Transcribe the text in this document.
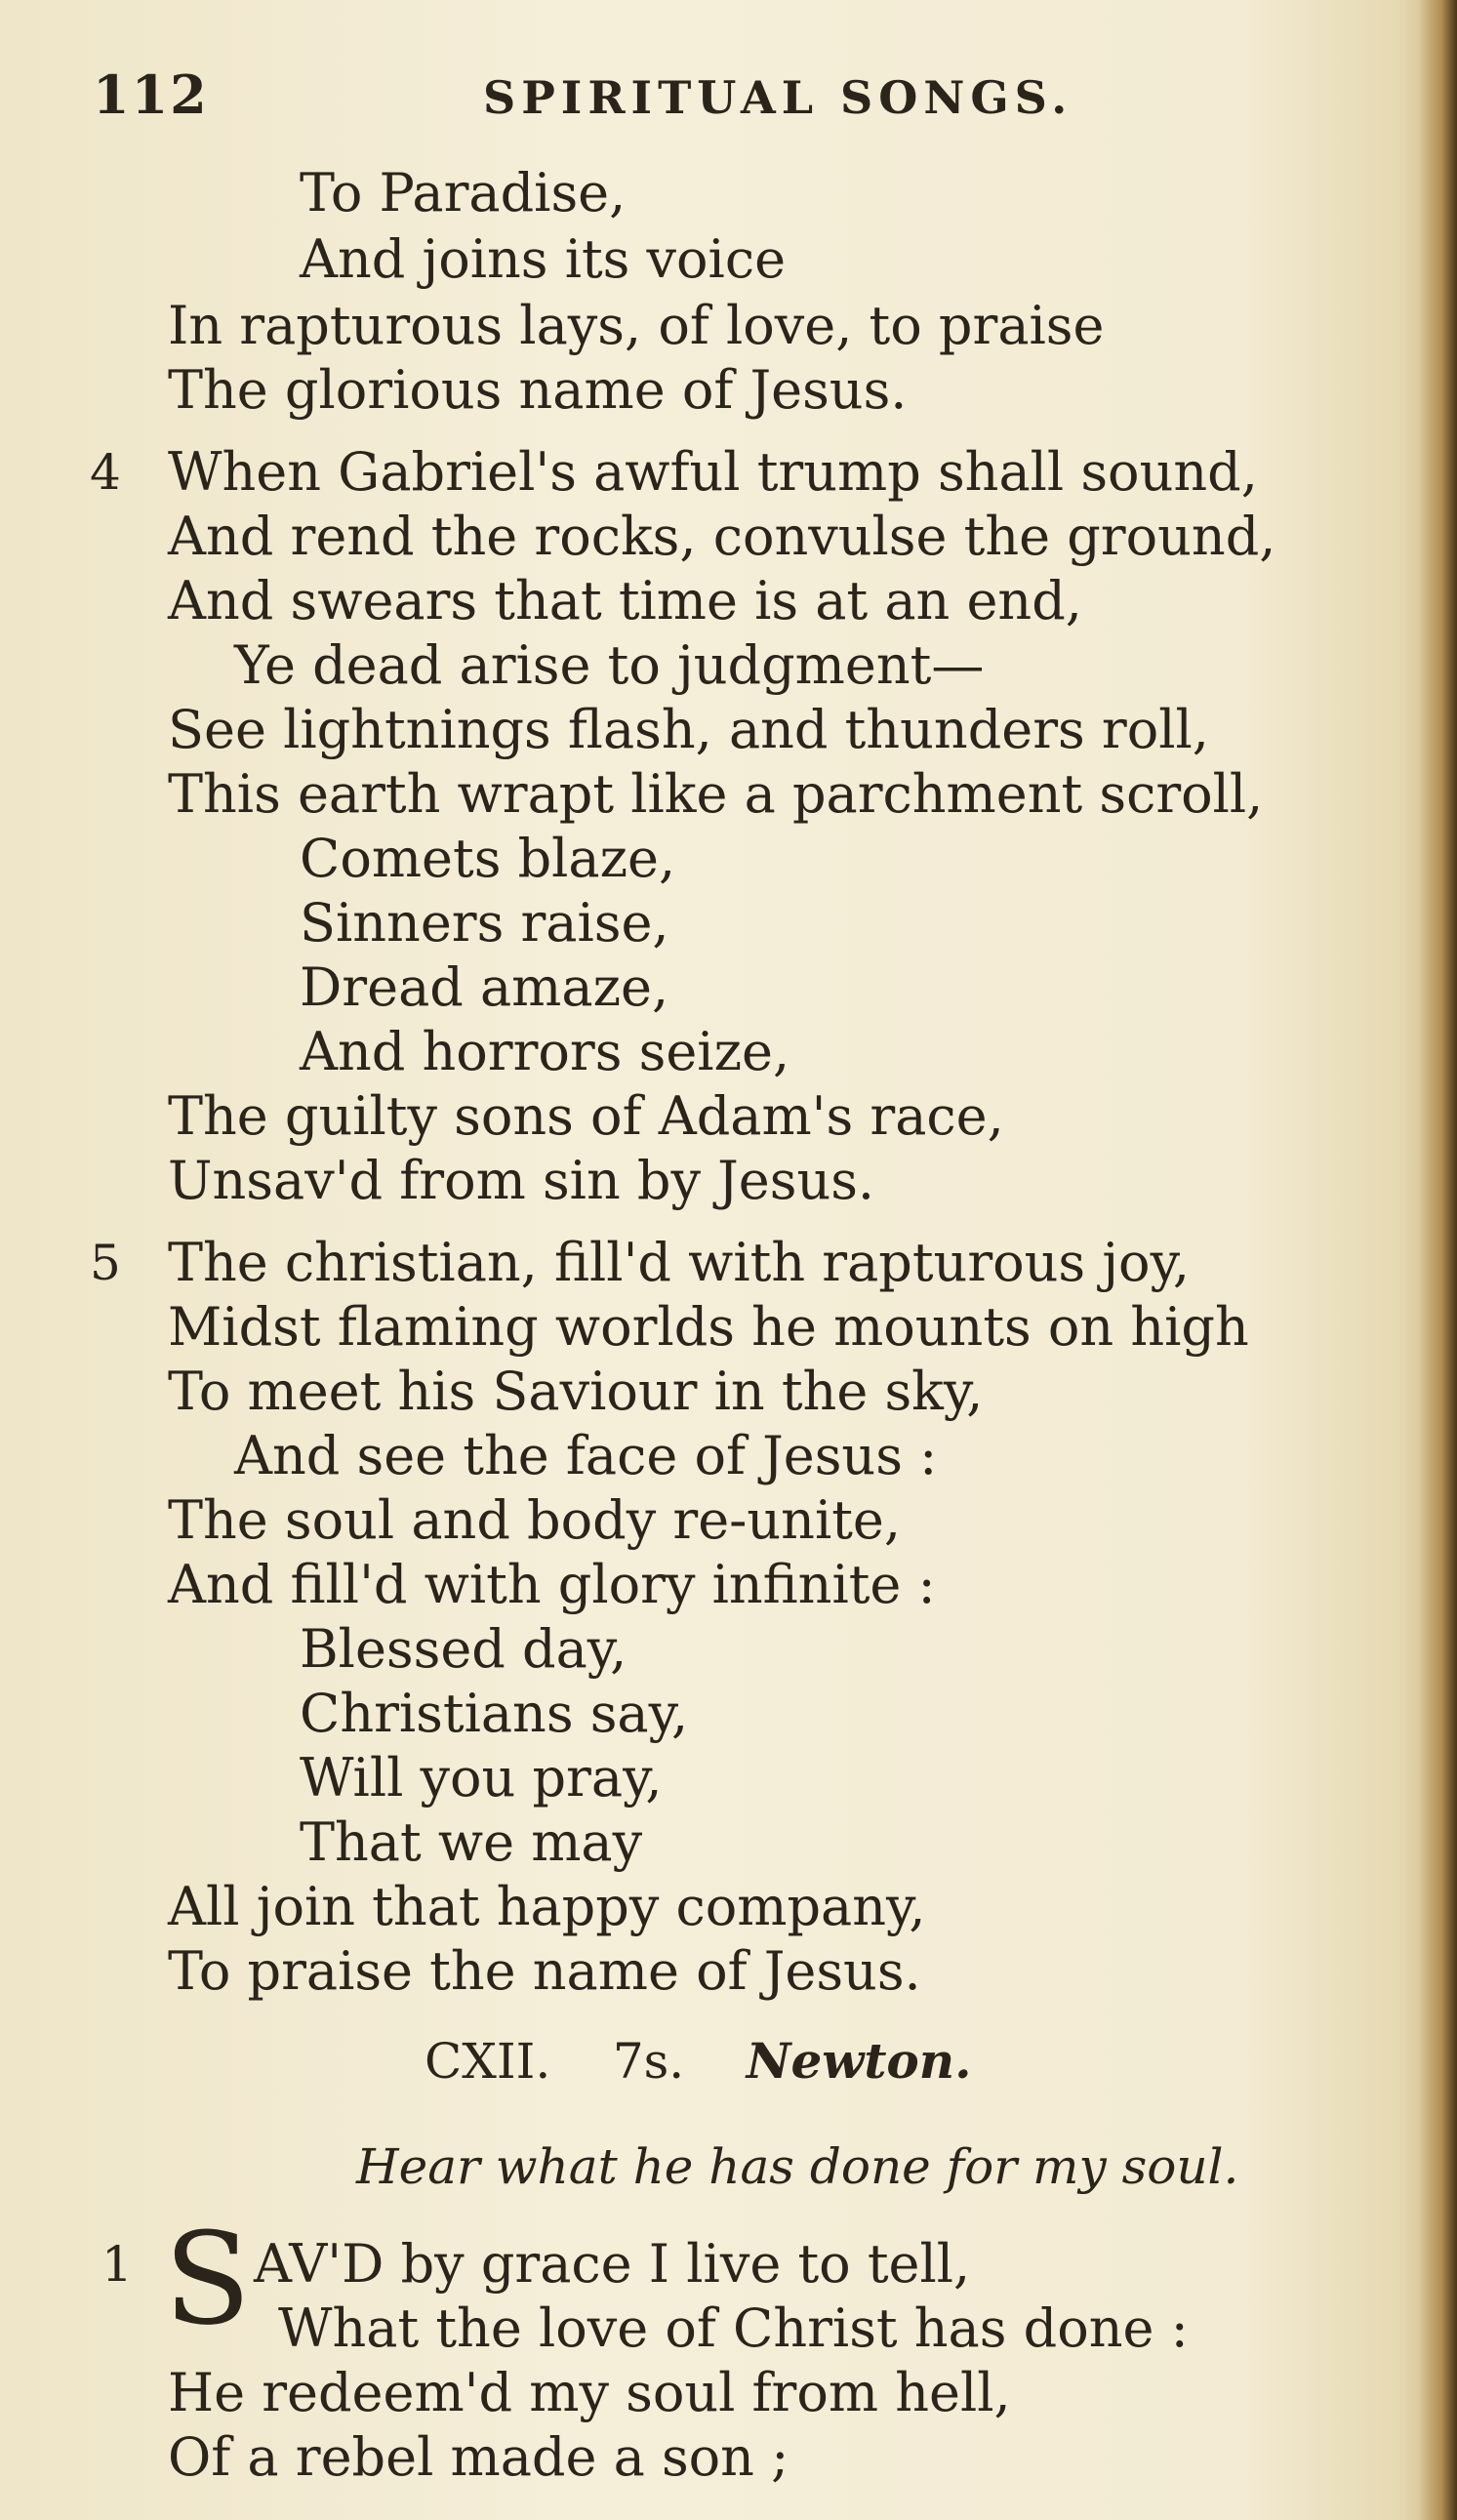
112	SPIRITUAL SONGS.
To Paradise,
And joins its voice
In rapturous lays, of love, to praise
The glorious name of Jesus.
4 When Gabriel's awful trump shall sound,
And rend the rocks, convulse the ground,
And swears that time is at an end,
Ye dead arise to judgment—
See lightnings flash, and thunders roll,
This earth wrapt like a parchment scroll,
Comets blaze,
Sinners raise,
Dread amaze,
And horrors seize,
The guilty sons of Adam's race,
Unsav'd from sin by Jesus.
5 The christian, fill'd with rapturous joy,
Midst flaming worlds he mounts on high
To meet his Saviour in the sky,
And see the face of Jesus :
The soul and body re-unite,
And fill'd with glory infinite :
Blessed day,
Christians say,
Will you pray,
That we may
All join that happy company,
To praise the name of Jesus.
CXII. 7s. Newton.
Hear what he has done for my soul.
1 S AV'D by grace I live to tell,
What the love of Christ has done :
He redeem'd my soul from hell,
Of a rebel made a son ;
